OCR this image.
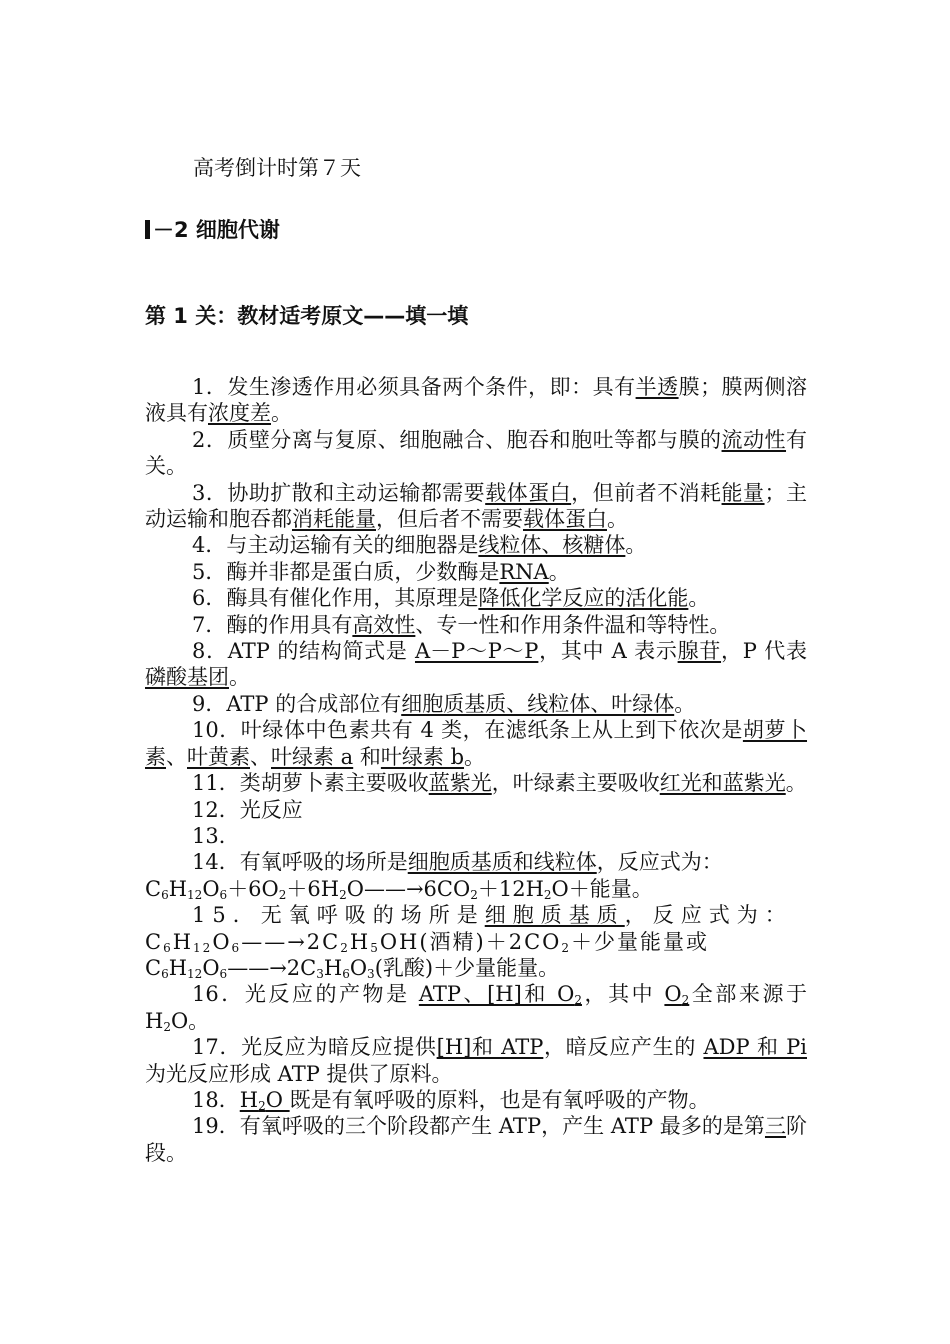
高考倒计时第７天
－2 细胞代谢
第 1 关：教材适考原文——填一填

1．发生渗透作用必须具备两个条件，即：具有半透膜；膜两侧溶液具有浓度差。

2．质壁分离与复原、细胞融合、胞吞和胞吐等都与膜的流动性有关。

3．协助扩散和主动运输都需要载体蛋白，但前者不消耗能量；主动运输和胞吞都消耗能量，但后者不需要载体蛋白。

4．与主动运输有关的细胞器是线粒体、核糖体。

5．酶并非都是蛋白质，少数酶是RNA。

6．酶具有催化作用，其原理是降低化学反应的活化能。

7．酶的作用具有高效性、专一性和作用条件温和等特性。

8．ATP 的结构简式是 A－P～P～P，其中 A 表示腺苷，P 代表磷酸基团。

9．ATP 的合成部位有细胞质基质、线粒体、叶绿体。

10．叶绿体中色素共有 4 类，在滤纸条上从上到下依次是胡萝卜素、叶黄素、叶绿素 a 和叶绿素 b。

11．类胡萝卜素主要吸收蓝紫光，叶绿素主要吸收红光和蓝紫光。

12．光反应

13．

14．有氧呼吸的场所是细胞质基质和线粒体，反应式为：

$C_6H_{12}O_6+6O_2+6H_2O——\to 6CO_2+12H_2O+$能量。

15．无氧呼吸的场所是细胞质基质，反应式为：

$C_6H_{12}O_6——\to 2C_2H_5OH$(酒精)$+2CO_2+$少量能量或
$C_6H_{12}O_6——\to 2C_3H_6O_3$(乳酸)＋少量能量。

16．光反应的产物是 ATP、[H]和 $O_2$，其中 $O_2$全部来源于 $H_2O$。

17．光反应为暗反应提供[H]和 ATP，暗反应产生的 ADP 和 Pi 为光反应形成 ATP 提供了原料。

18．$H_2O$ 既是有氧呼吸的原料，也是有氧呼吸的产物。

19．有氧呼吸的三个阶段都产生 ATP，产生 ATP 最多的是第三阶段。
